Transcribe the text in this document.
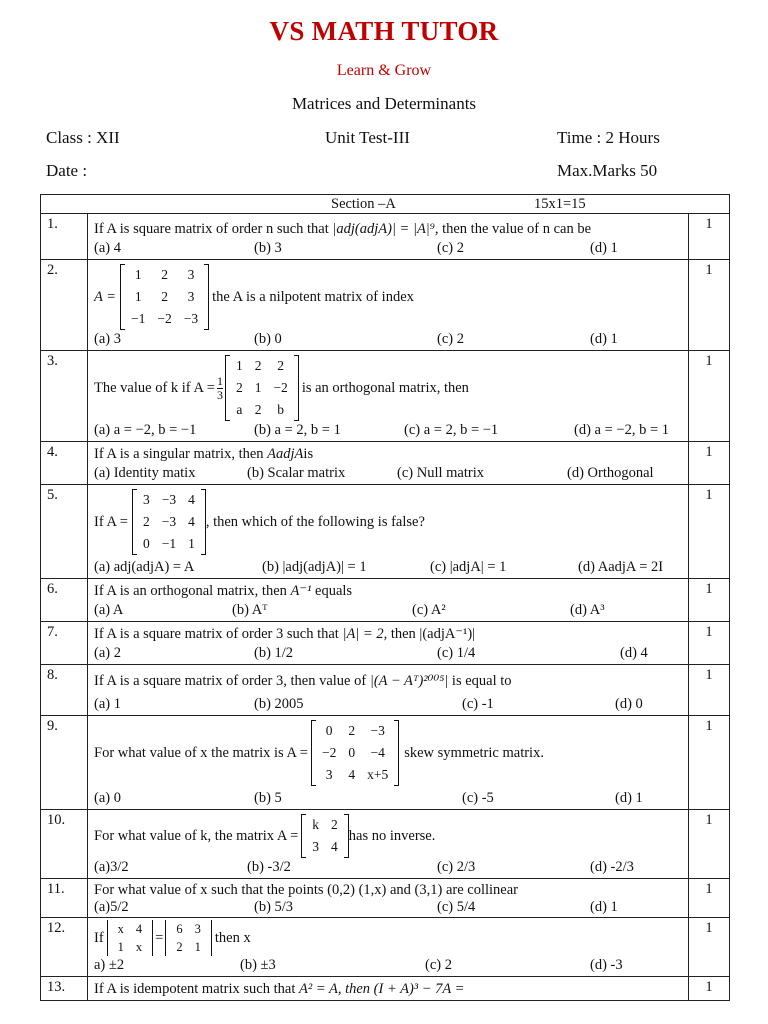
VS MATH TUTOR
Learn & Grow
Matrices and Determinants
Class : XII	Unit Test-III	Time : 2 Hours
Date :	Max.Marks 50
Section –A	15x1=15

1.	If A is square matrix of order n such that |adj(adjA)| = |A|⁹, then the value of n can be
(a) 4	(b) 3	(c) 2	(d) 1
	1
2.	
A =
1	2	3
1	2	3
−1	−2	−3
the A is a nilpotent matrix of index
(a) 3	(b) 0	(c) 2	(d) 1
	1
3.	
The value of k if $A = \frac{1}{3}$
1	2	2
2	1	−2
a	2	b
is an orthogonal matrix, then
(a) a = −2, b = −1	(b) a = 2, b = 1	(c) a = 2, b = −1	(d) a = −2, b = 1
	1
4.	If A is a singular matrix, then AadjAis
(a) Identity matix	(b) Scalar matrix	(c) Null matrix	(d) Orthogonal
	1
5.	
If A =
3	−3	4
2	−3	4
0	−1	1
, then which of the following is false?
(a) adj(adjA) = A	(b) |adj(adjA)| = 1	(c) |adjA| = 1	(d) AadjA = 2I
	1
6.	If A is an orthogonal matrix, then A⁻¹ equals
(a) A	(b) Aᵀ	(c) A²	(d) A³
	1
7.	If A is a square matrix of order 3 such that |A| = 2, then |(adjA⁻¹)|
(a) 2	(b) 1/2	(c) 1/4	(d) 4
	1
8.	If A is a square matrix of order 3, then value of |(A − Aᵀ)²⁰⁰⁵| is equal to
(a) 1	(b) 2005	(c) -1	(d) 0
	1
9.	
For what value of x the matrix is A =
0	2	−3
−2	0	−4
3	4	x+5
skew symmetric matrix.
(a) 0	(b) 5	(c) -5	(d) 1
	1
10.	
For what value of k, the matrix A =
k	2
3	4
has no inverse.
(a)3/2	(b) -3/2	(c) 2/3	(d) -2/3
	1
11.	For what value of x such that the points (0,2) (1,x) and (3,1) are collinear
(a)5/2	(b) 5/3	(c) 5/4	(d) 1
	1
12.	
If
x	4
1	x
=
6	3
2	1
then x
a) ±2	(b) ±3	(c) 2	(d) -3
	1
13.	If A is idempotent matrix such that A² = A, then (I + A)³ − 7A =	1
